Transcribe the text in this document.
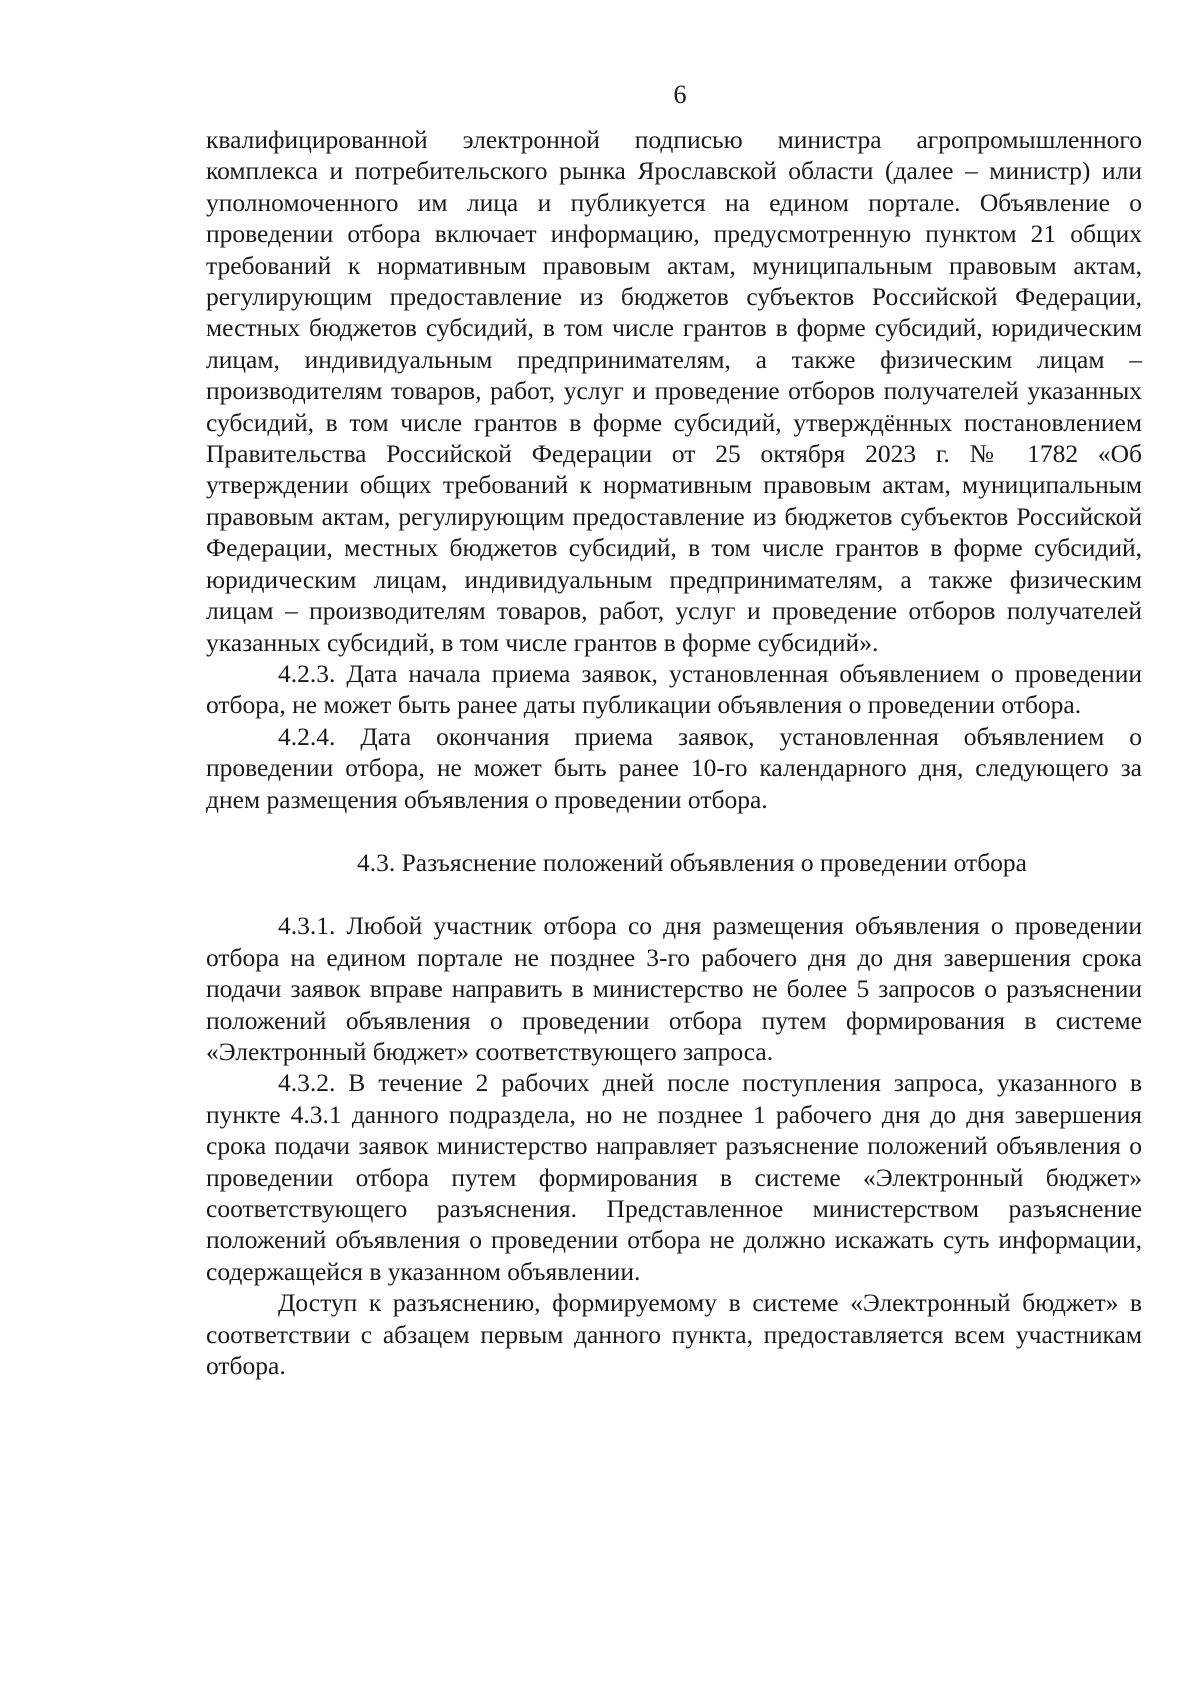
6

квалифицированной электронной подписью министра агропромышленного комплекса и потребительского рынка Ярославской области (далее – министр) или уполномоченного им лица и публикуется на едином портале. Объявление о проведении отбора включает информацию, предусмотренную пунктом 21 общих требований к нормативным правовым актам, муниципальным правовым актам, регулирующим предоставление из бюджетов субъектов Российской Федерации, местных бюджетов субсидий, в том числе грантов в форме субсидий, юридическим лицам, индивидуальным предпринимателям, а также физическим лицам – производителям товаров, работ, услуг и проведение отборов получателей указанных субсидий, в том числе грантов в форме субсидий, утверждённых постановлением Правительства Российской Федерации от 25 октября 2023 г. № 1782 «Об утверждении общих требований к нормативным правовым актам, муниципальным правовым актам, регулирующим предоставление из бюджетов субъектов Российской Федерации, местных бюджетов субсидий, в том числе грантов в форме субсидий, юридическим лицам, индивидуальным предпринимателям, а также физическим лицам – производителям товаров, работ, услуг и проведение отборов получателей указанных субсидий, в том числе грантов в форме субсидий».

4.2.3. Дата начала приема заявок, установленная объявлением о проведении отбора, не может быть ранее даты публикации объявления о проведении отбора.

4.2.4. Дата окончания приема заявок, установленная объявлением о проведении отбора, не может быть ранее 10-го календарного дня, следующего за днем размещения объявления о проведении отбора.

4.3. Разъяснение положений объявления о проведении отбора

4.3.1. Любой участник отбора со дня размещения объявления о проведении отбора на едином портале не позднее 3-го рабочего дня до дня завершения срока подачи заявок вправе направить в министерство не более 5 запросов о разъяснении положений объявления о проведении отбора путем формирования в системе «Электронный бюджет» соответствующего запроса.

4.3.2. В течение 2 рабочих дней после поступления запроса, указанного в пункте 4.3.1 данного подраздела, но не позднее 1 рабочего дня до дня завершения срока подачи заявок министерство направляет разъяснение положений объявления о проведении отбора путем формирования в системе «Электронный бюджет» соответствующего разъяснения. Представленное министерством разъяснение положений объявления о проведении отбора не должно искажать суть информации, содержащейся в указанном объявлении.

Доступ к разъяснению, формируемому в системе «Электронный бюджет» в соответствии с абзацем первым данного пункта, предоставляется всем участникам отбора.
